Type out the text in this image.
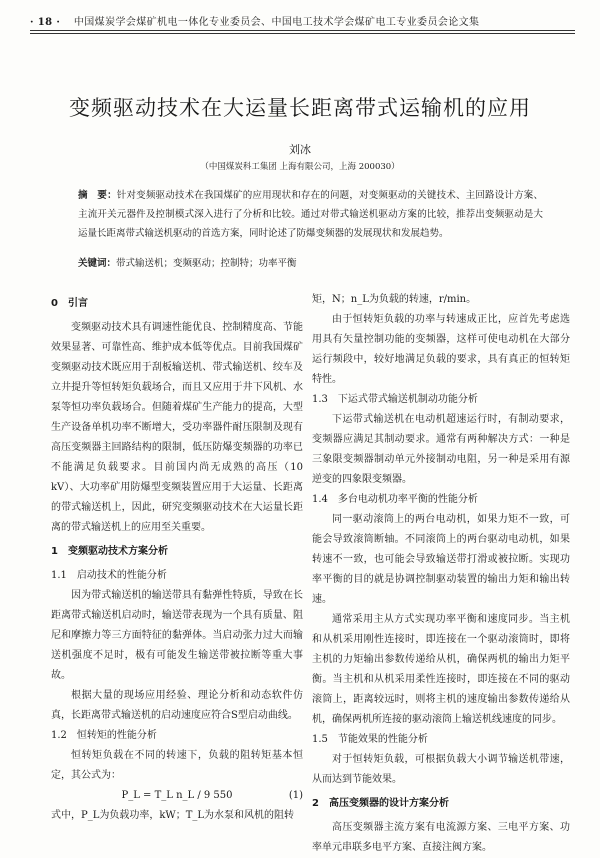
· 18 · 中国煤炭学会煤矿机电一体化专业委员会、中国电工技术学会煤矿电工专业委员会论文集
变频驱动技术在大运量长距离带式运输机的应用
刘冰
（中国煤炭科工集团 上海有限公司，上海 200030）
摘　要：针对变频驱动技术在我国煤矿的应用现状和存在的问题，对变频驱动的关键技术、主回路设计方案、主流开关元器件及控制模式深入进行了分析和比较。通过对带式输送机驱动方案的比较，推荐出变频驱动是大运量长距离带式输送机驱动的首选方案，同时论述了防爆变频器的发展现状和发展趋势。
关键词：带式输送机；变频驱动；控制特；功率平衡
0　引言

变频驱动技术具有调速性能优良、控制精度高、节能效果显著、可靠性高、维护成本低等优点。目前我国煤矿变频驱动技术既应用于刮板输送机、带式输送机、绞车及立井提升等恒转矩负载场合，而且又应用于井下风机、水泵等恒功率负载场合。但随着煤矿生产能力的提高，大型生产设备单机功率不断增大，受功率器件耐压限制及现有高压变频器主回路结构的限制，低压防爆变频器的功率已不能满足负载要求。目前国内尚无成熟的高压（10 kV）、大功率矿用防爆型变频装置应用于大运量、长距离的带式输送机上，因此，研究变频驱动技术在大运量长距离的带式输送机上的应用至关重要。

1　变频驱动技术方案分析
1.1　启动技术的性能分析

因为带式输送机的输送带具有黏弹性特质，导致在长距离带式输送机启动时，输送带表现为一个具有质量、阻尼和摩擦力等三方面特征的黏弹体。当启动张力过大而输送机强度不足时，极有可能发生输送带被拉断等重大事故。

根据大量的现场应用经验、理论分析和动态软件仿真，长距离带式输送机的启动速度应符合S型启动曲线。

1.2　恒转矩的性能分析

恒转矩负载在不同的转速下，负载的阻转矩基本恒定，其公式为：

P_L = T_L n_L / 9 550	(1)

式中，P_L为负载功率，kW；T_L为水泵和风机的阻转

矩，N；n_L为负载的转速，r/min。

由于恒转矩负载的功率与转速成正比，应首先考虑选用具有矢量控制功能的变频器，这样可使电动机在大部分运行频段中，较好地满足负载的要求，具有真正的恒转矩特性。

1.3　下运式带式输送机制动功能分析

下运带式输送机在电动机超速运行时，有制动要求，变频器应满足其制动要求。通常有两种解决方式：一种是三象限变频器制动单元外接制动电阻，另一种是采用有源逆变的四象限变频器。

1.4　多台电动机功率平衡的性能分析

同一驱动滚筒上的两台电动机，如果力矩不一致，可能会导致滚筒断轴。不同滚筒上的两台驱动电动机，如果转速不一致，也可能会导致输送带打滑或被拉断。实现功率平衡的目的就是协调控制驱动装置的输出力矩和输出转速。

通常采用主从方式实现功率平衡和速度同步。当主机和从机采用刚性连接时，即连接在一个驱动滚筒时，即将主机的力矩输出参数传递给从机，确保两机的输出力矩平衡。当主机和从机采用柔性连接时，即连接在不同的驱动滚筒上，距离较远时，则将主机的速度输出参数传递给从机，确保两机所连接的驱动滚筒上输送机线速度的同步。

1.5　节能效果的性能分析

对于恒转矩负载，可根据负载大小调节输送机带速，从而达到节能效果。

2　高压变频器的设计方案分析

高压变频器主流方案有电流源方案、三电平方案、功率单元串联多电平方案、直接注阀方案。
